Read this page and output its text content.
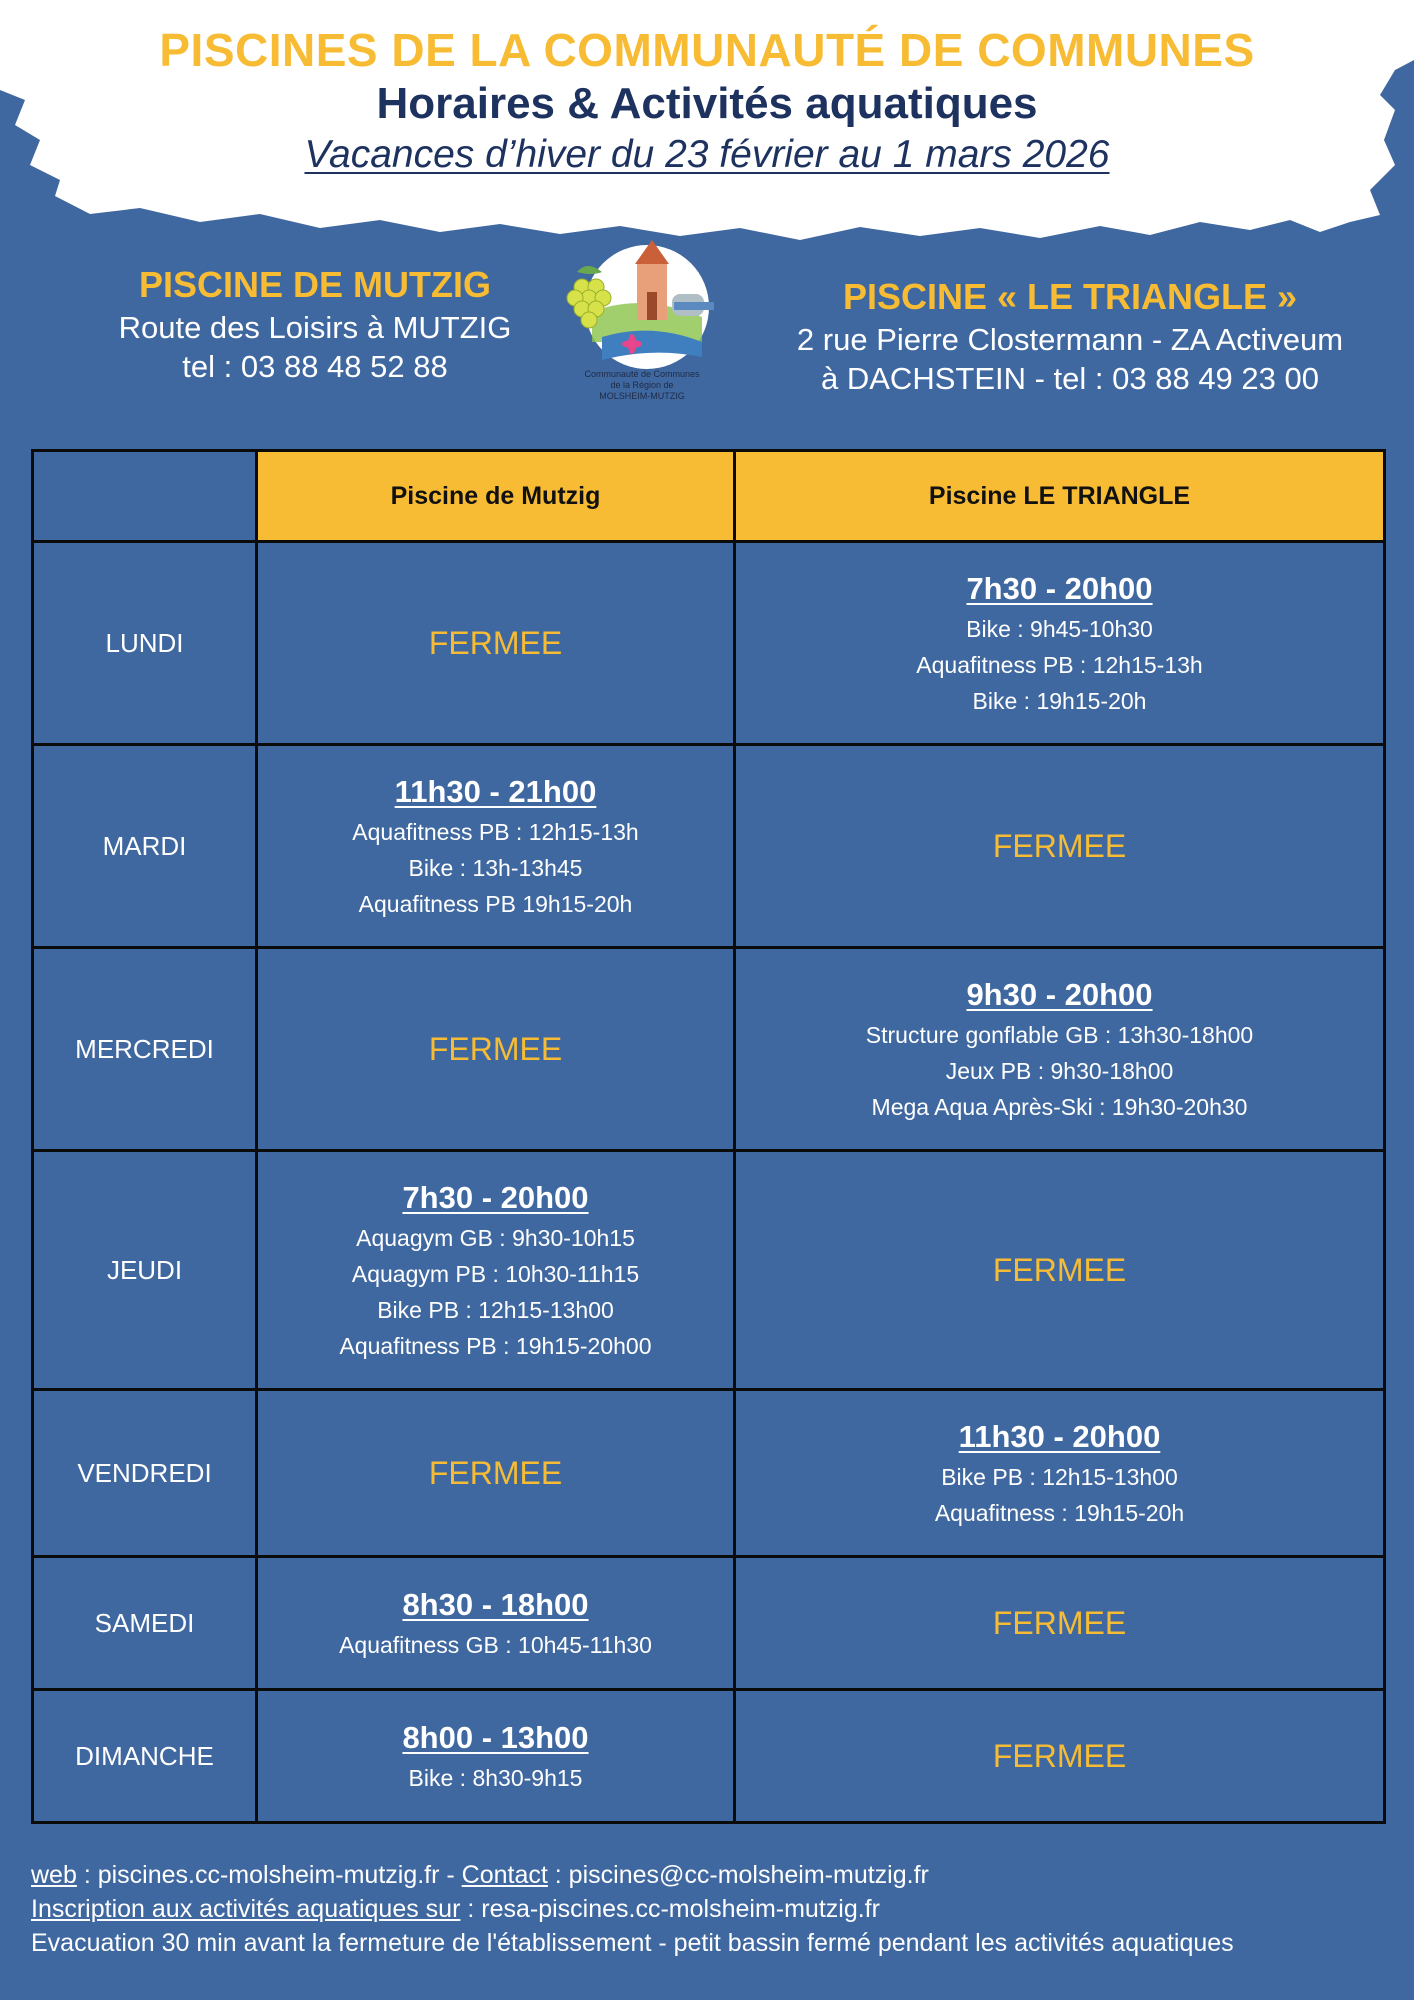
PISCINES DE LA COMMUNAUTÉ DE COMMUNES
Horaires & Activités aquatiques
Vacances d’hiver du 23 février au 1 mars 2026
PISCINE DE MUTZIG
Route des Loisirs à MUTZIG
tel : 03 88 48 52 88	Communauté de Communes
de la Région de
MOLSHEIM-MUTZIG
PISCINE « LE TRIANGLE »
2 rue Pierre Clostermann - ZA Activeum
à DACHSTEIN - tel : 03 88 49 23 00
	Piscine de Mutzig	Piscine LE TRIANGLE
LUNDI	FERMEE	7h30 - 20h00
Bike : 9h45-10h30
Aquafitness PB : 12h15-13h
Bike : 19h15-20h

MARDI	11h30 - 21h00
Aquafitness PB : 12h15-13h
Bike : 13h-13h45
Aquafitness PB 19h15-20h	FERMEE
MERCREDI	FERMEE	9h30 - 20h00
Structure gonflable GB : 13h30-18h00
Jeux PB : 9h30-18h00
Mega Aqua Après-Ski : 19h30-20h30

JEUDI	7h30 - 20h00
Aquagym GB : 9h30-10h15
Aquagym PB : 10h30-11h15
Bike PB : 12h15-13h00
Aquafitness PB : 19h15-20h00	FERMEE
VENDREDI	FERMEE	11h30 - 20h00
Bike PB : 12h15-13h00
Aquafitness : 19h15-20h

SAMEDI	8h30 - 18h00
Aquafitness GB : 10h45-11h30	FERMEE
DIMANCHE	8h00 - 13h00
Bike : 8h30-9h15	FERMEE
web : piscines.cc-molsheim-mutzig.fr - Contact : piscines@cc-molsheim-mutzig.fr
Inscription aux activités aquatiques sur : resa-piscines.cc-molsheim-mutzig.fr
Evacuation 30 min avant la fermeture de l'établissement - petit bassin fermé pendant les activités aquatiques
